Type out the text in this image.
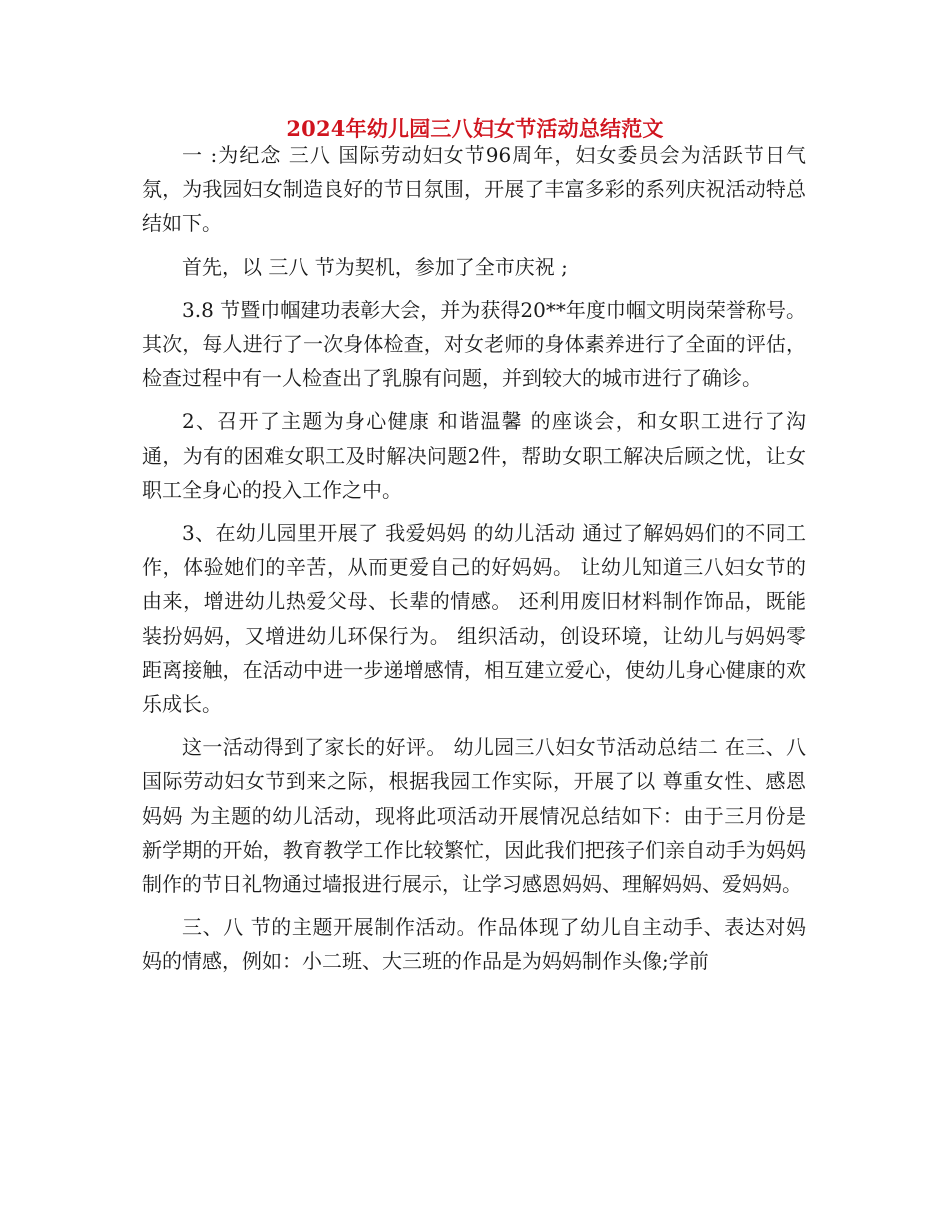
2024年幼儿园三八妇女节活动总结范文

一 :为纪念 三八 国际劳动妇女节96周年，妇女委员会为活跃节日气氛，为我园妇女制造良好的节日氛围，开展了丰富多彩的系列庆祝活动特总结如下。

首先，以 三八 节为契机，参加了全市庆祝 ;

3.8 节暨巾帼建功表彰大会，并为获得20**年度巾帼文明岗荣誉称号。 其次，每人进行了一次身体检查，对女老师的身体素养进行了全面的评估，检查过程中有一人检查出了乳腺有问题，并到较大的城市进行了确诊。

2、召开了主题为身心健康 和谐温馨 的座谈会，和女职工进行了沟通，为有的困难女职工及时解决问题2件，帮助女职工解决后顾之忧，让女职工全身心的投入工作之中。

3、在幼儿园里开展了 我爱妈妈 的幼儿活动 通过了解妈妈们的不同工作，体验她们的辛苦，从而更爱自己的好妈妈。 让幼儿知道三八妇女节的由来，增进幼儿热爱父母、长辈的情感。 还利用废旧材料制作饰品，既能装扮妈妈，又增进幼儿环保行为。 组织活动，创设环境，让幼儿与妈妈零距离接触，在活动中进一步递增感情，相互建立爱心，使幼儿身心健康的欢乐成长。

这一活动得到了家长的好评。 幼儿园三八妇女节活动总结二 在三、八 国际劳动妇女节到来之际，根据我园工作实际，开展了以 尊重女性、感恩妈妈 为主题的幼儿活动，现将此项活动开展情况总结如下：由于三月份是新学期的开始，教育教学工作比较繁忙，因此我们把孩子们亲自动手为妈妈制作的节日礼物通过墙报进行展示，让学习感恩妈妈、理解妈妈、爱妈妈。

三、八 节的主题开展制作活动。作品体现了幼儿自主动手、表达对妈妈的情感，例如：小二班、大三班的作品是为妈妈制作头像;学前
